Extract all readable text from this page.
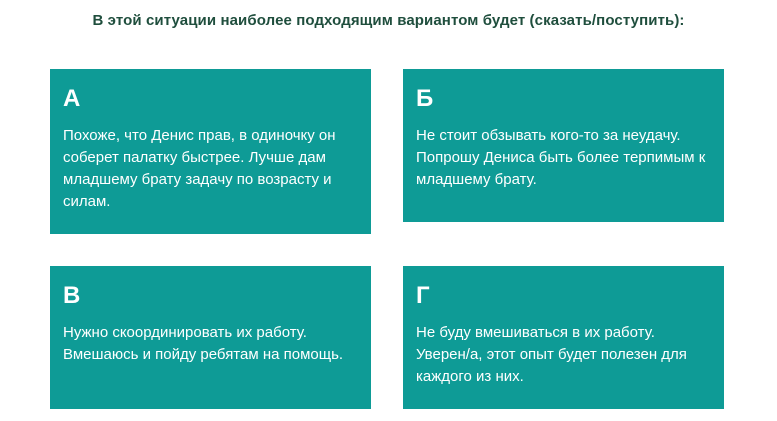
В этой ситуации наиболее подходящим вариантом будет (сказать/поступить):
А
Похоже, что Денис прав, в одиночку он соберет палатку быстрее. Лучше дам младшему брату задачу по возрасту и силам.
Б
Не стоит обзывать кого-то за неудачу. Попрошу Дениса быть более терпимым к младшему брату.
В
Нужно скоординировать их работу. Вмешаюсь и пойду ребятам на помощь.
Г
Не буду вмешиваться в их работу. Уверен/а, этот опыт будет полезен для каждого из них.
